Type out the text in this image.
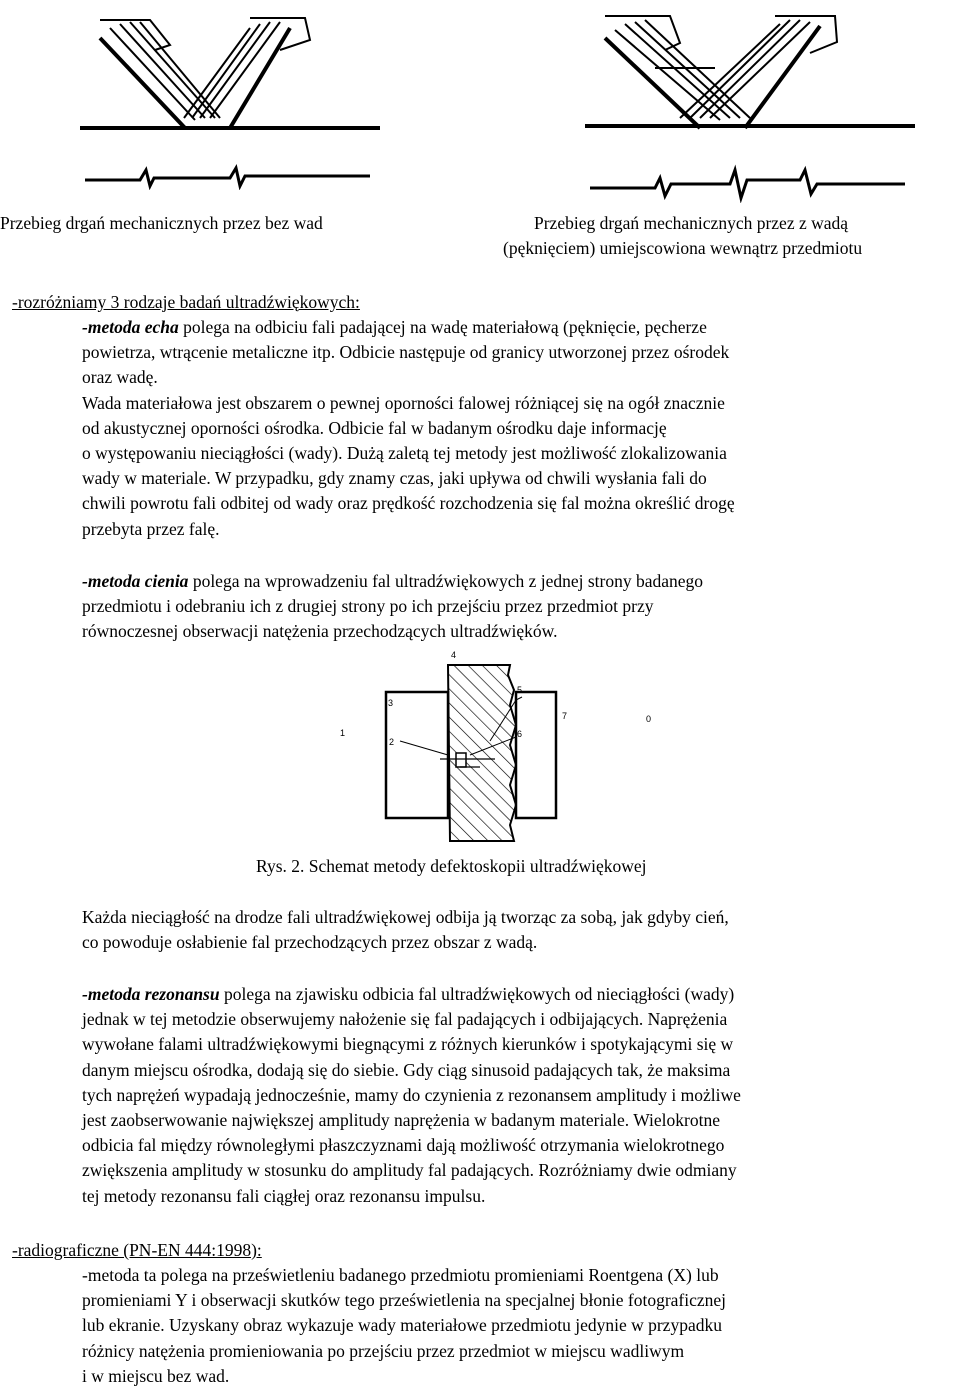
Przebieg drgań mechanicznych przez bez wad	Przebieg drgań mechanicznych przez z wadą
(pęknięciem) umiejscowiona wewnątrz przedmiotu
-rozróżniamy 3 rodzaje badań ultradźwiękowych:
-metoda echa polega na odbiciu fali padającej na wadę materiałową (pęknięcie, pęcherze
powietrza, wtrącenie metaliczne itp. Odbicie następuje od granicy utworzonej przez ośrodek
oraz wadę.
Wada materiałowa jest obszarem o pewnej oporności falowej różniącej się na ogół znacznie
od akustycznej oporności ośrodka. Odbicie fal w badanym ośrodku daje informację
o występowaniu nieciągłości (wady). Dużą zaletą tej metody jest możliwość zlokalizowania
wady w materiale. W przypadku, gdy znamy czas, jaki upływa od chwili wysłania fali do
chwili powrotu fali odbitej od wady oraz prędkość rozchodzenia się fal można określić drogę
przebyta przez falę.
-metoda cienia polega na wprowadzeniu fal ultradźwiękowych z jednej strony badanego
przedmiotu i odebraniu ich z drugiej strony po ich przejściu przez przedmiot przy
równoczesnej obserwacji natężenia przechodzących ultradźwięków.
4
5
3
7	0
1	6
2
Rys. 2. Schemat metody defektoskopii ultradźwiękowej
Każda nieciągłość na drodze fali ultradźwiękowej odbija ją tworząc za sobą, jak gdyby cień,
co powoduje osłabienie fal przechodzących przez obszar z wadą.
-metoda rezonansu polega na zjawisku odbicia fal ultradźwiękowych od nieciągłości (wady)
jednak w tej metodzie obserwujemy nałożenie się fal padających i odbijających. Naprężenia
wywołane falami ultradźwiękowymi biegnącymi z różnych kierunków i spotykającymi się w
danym miejscu ośrodka, dodają się do siebie. Gdy ciąg sinusoid padających tak, że maksima
tych naprężeń wypadają jednocześnie, mamy do czynienia z rezonansem amplitudy i możliwe
jest zaobserwowanie największej amplitudy naprężenia w badanym materiale. Wielokrotne
odbicia fal między równoległymi płaszczyznami dają możliwość otrzymania wielokrotnego
zwiększenia amplitudy w stosunku do amplitudy fal padających. Rozróżniamy dwie odmiany
tej metody rezonansu fali ciągłej oraz rezonansu impulsu.
-radiograficzne (PN-EN 444:1998):
-metoda ta polega na prześwietleniu badanego przedmiotu promieniami Roentgena (X) lub
promieniami Y i obserwacji skutków tego prześwietlenia na specjalnej błonie fotograficznej
lub ekranie. Uzyskany obraz wykazuje wady materiałowe przedmiotu jedynie w przypadku
różnicy natężenia promieniowania po przejściu przez przedmiot w miejscu wadliwym
i w miejscu bez wad.
